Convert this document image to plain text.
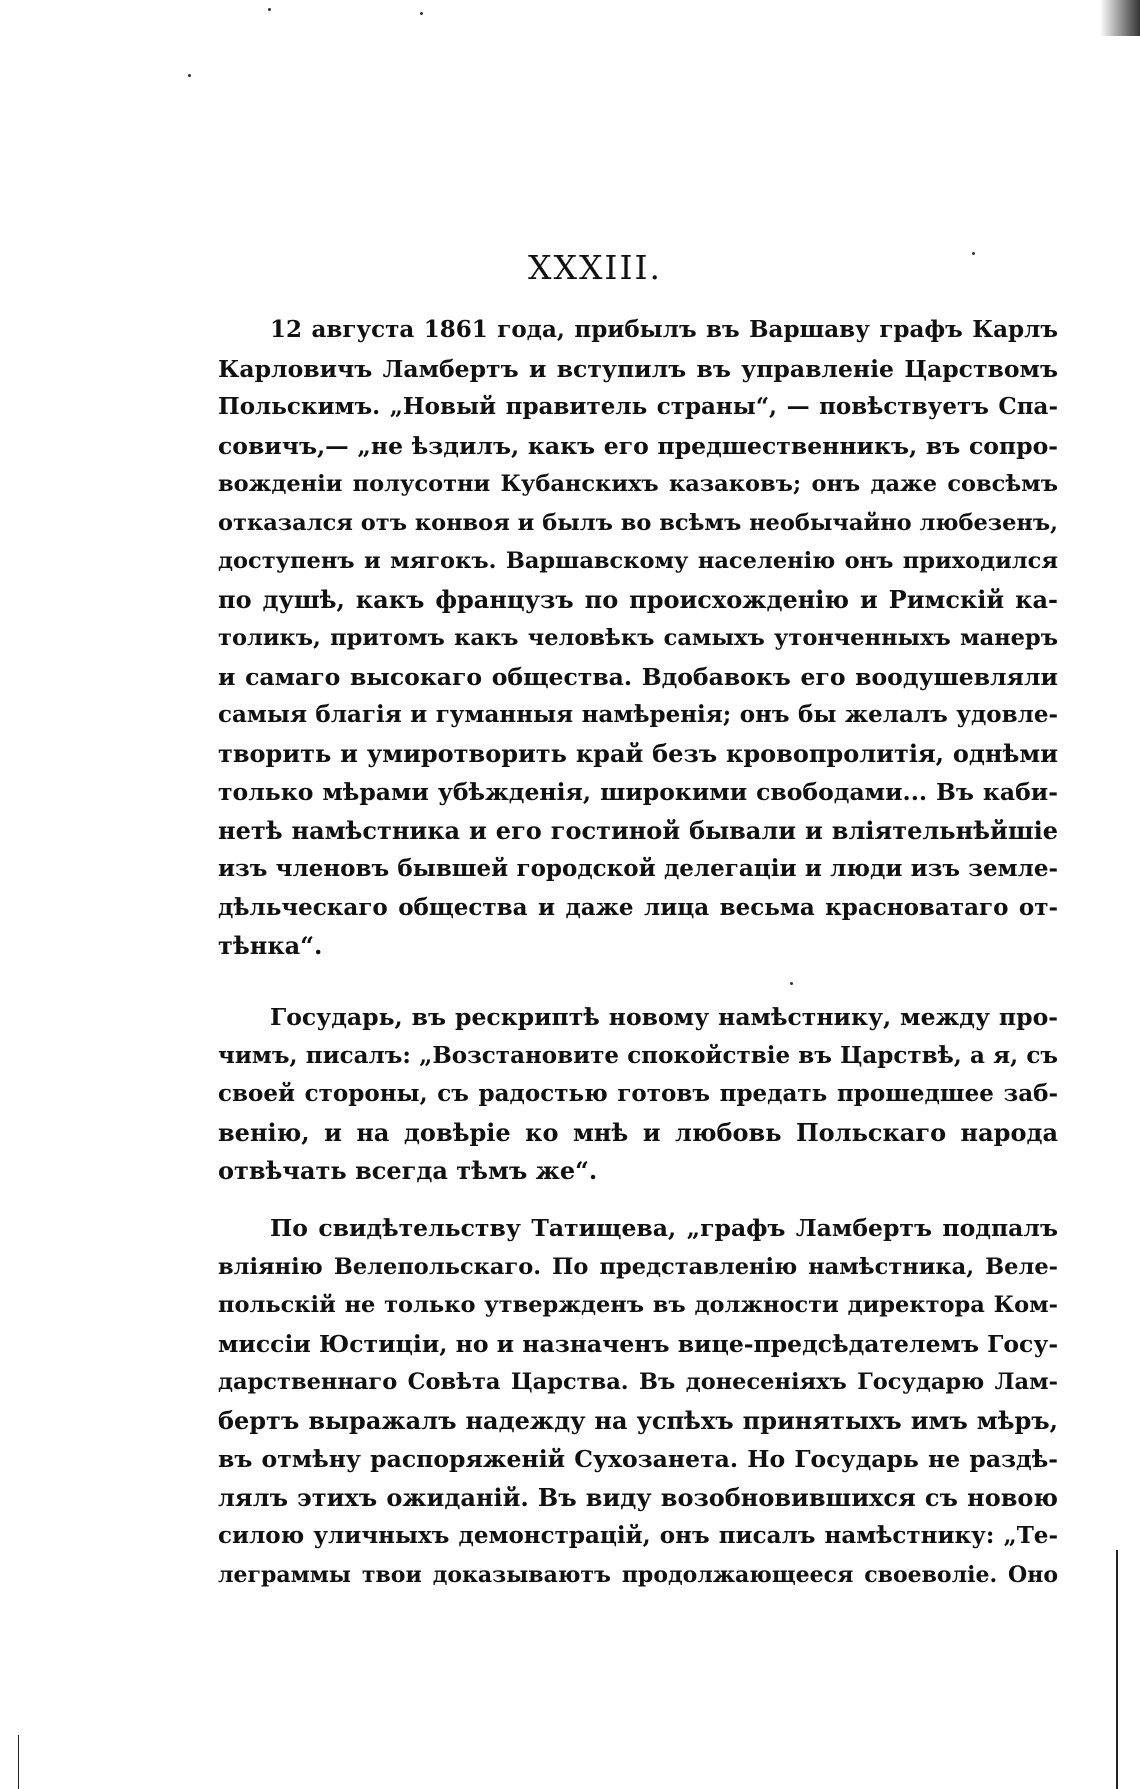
XXXIII.
12 августа 1861 года, прибылъ въ Варшаву графъ Карлъ
Карловичъ Ламбертъ и вступилъ въ управленіе Царствомъ
Польскимъ. „Новый правитель страны“, — повѣствуетъ Спа-
совичъ,— „не ѣздилъ, какъ его предшественникъ, въ сопро-
вожденіи полусотни Кубанскихъ казаковъ; онъ даже совсѣмъ
отказался отъ конвоя и былъ во всѣмъ необычайно любезенъ,
доступенъ и мягокъ. Варшавскому населенію онъ приходился
по душѣ, какъ французъ по происхожденію и Римскій ка-
толикъ, притомъ какъ человѣкъ самыхъ утонченныхъ манеръ
и самаго высокаго общества. Вдобавокъ его воодушевляли
самыя благія и гуманныя намѣренія; онъ бы желалъ удовле-
творить и умиротворить край безъ кровопролитія, однѣми
только мѣрами убѣжденія, широкими свободами... Въ каби-
нетѣ намѣстника и его гостиной бывали и вліятельнѣйшіе
изъ членовъ бывшей городской делегаціи и люди изъ земле-
дѣльческаго общества и даже лица весьма красноватаго от-
тѣнка“.
Государь, въ рескриптѣ новому намѣстнику, между про-
чимъ, писалъ: „Возстановите спокойствіе въ Царствѣ, а я, съ
своей стороны, съ радостью готовъ предать прошедшее заб-
венію, и на довѣріе ко мнѣ и любовь Польскаго народа
отвѣчать всегда тѣмъ же“.
По свидѣтельству Татищева, „графъ Ламбертъ подпалъ
вліянію Велепольскаго. По представленію намѣстника, Веле-
польскій не только утвержденъ въ должности директора Ком-
миссіи Юстиціи, но и назначенъ вице-предсѣдателемъ Госу-
дарственнаго Совѣта Царства. Въ донесеніяхъ Государю Лам-
бертъ выражалъ надежду на успѣхъ принятыхъ имъ мѣръ,
въ отмѣну распоряженій Сухозанета. Но Государь не раздѣ-
лялъ этихъ ожиданій. Въ виду возобновившихся съ новою
силою уличныхъ демонстрацій, онъ писалъ намѣстнику: „Те-
леграммы твои доказываютъ продолжающееся своеволіе. Оно
